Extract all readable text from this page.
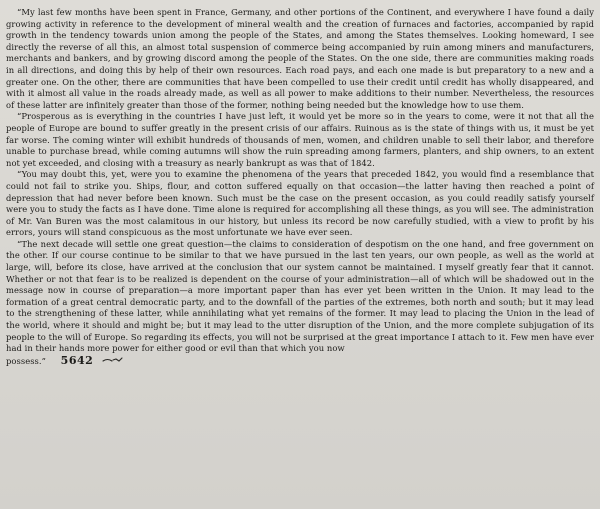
“My last few months have been spent in France, Germany, and other portions of the Continent, and everywhere I have found a daily growing activity in reference to the development of mineral wealth and the creation of furnaces and factories, accompanied by rapid growth in the tendency towards union among the people of the States, and among the States themselves. Looking homeward, I see directly the reverse of all this, an almost total suspension of commerce being accompanied by ruin among miners and manufacturers, merchants and bankers, and by growing discord among the people of the States. On the one side, there are communities making roads in all directions, and doing this by help of their own resources. Each road pays, and each one made is but preparatory to a new and a greater one. On the other, there are communities that have been compelled to use their credit until credit has wholly disappeared, and with it almost all value in the roads already made, as well as all power to make additions to their number. Nevertheless, the resources of these latter are infinitely greater than those of the former, nothing being needed but the knowledge how to use them.

“Prosperous as is everything in the countries I have just left, it would yet be more so in the years to come, were it not that all the people of Europe are bound to suffer greatly in the present crisis of our affairs. Ruinous as is the state of things with us, it must be yet far worse. The coming winter will exhibit hundreds of thousands of men, women, and children unable to sell their labor, and therefore unable to purchase bread, while coming autumns will show the ruin spreading among farmers, planters, and ship owners, to an extent not yet exceeded, and closing with a treasury as nearly bankrupt as was that of 1842.

“You may doubt this, yet, were you to examine the phenomena of the years that preceded 1842, you would find a resemblance that could not fail to strike you. Ships, flour, and cotton suffered equally on that occasion—the latter having then reached a point of depression that had never before been known. Such must be the case on the present occasion, as you could readily satisfy yourself were you to study the facts as I have done. Time alone is required for accomplishing all these things, as you will see. The administration of Mr. Van Buren was the most calamitous in our history, but unless its record be now carefully studied, with a view to profit by his errors, yours will stand conspicuous as the most unfortunate we have ever seen.

“The next decade will settle one great question—the claims to consideration of despotism on the one hand, and free government on the other. If our course continue to be similar to that we have pursued in the last ten years, our own people, as well as the world at large, will, before its close, have arrived at the conclusion that our system cannot be maintained. I myself greatly fear that it cannot. Whether or not that fear is to be realized is dependent on the course of your administration—all of which will be shadowed out in the message now in course of preparation—a more important paper than has ever yet been written in the Union. It may lead to the formation of a great central democratic party, and to the downfall of the parties of the extremes, both north and south; but it may lead to the strengthening of these latter, while annihilating what yet remains of the former. It may lead to placing the Union in the lead of the world, where it should and might be; but it may lead to the utter disruption of the Union, and the more complete subjugation of its people to the will of Europe. So regarding its effects, you will not be surprised at the great importance I attach to it. Few men have ever had in their hands more power for either good or evil than that which you now

possess.” 5642
